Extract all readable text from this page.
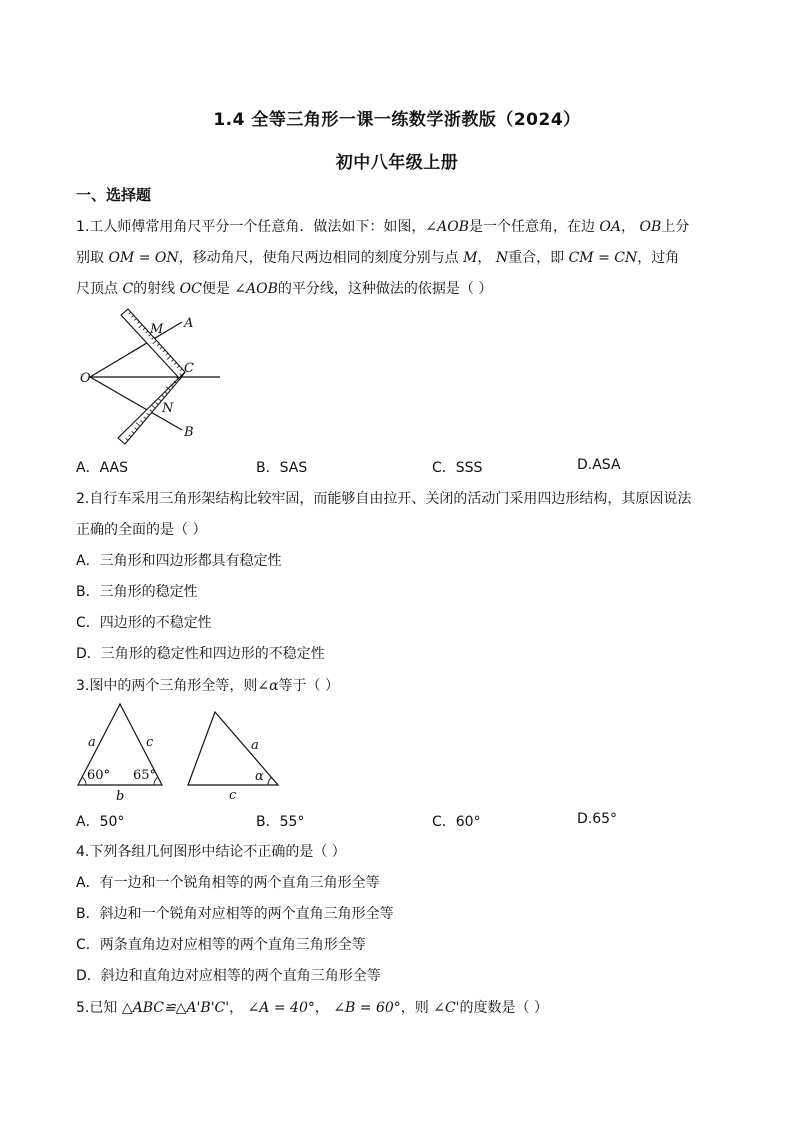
1.4 全等三角形一课一练数学浙教版（2024）
初中八年级上册
一、选择题
1.工人师傅常用角尺平分一个任意角．做法如下：如图，∠AOB是一个任意角，在边 OA， OB上分
别取 OM = ON，移动角尺，使角尺两边相同的刻度分别与点 M， N重合，即 CM = CN，过角
尺顶点 C的射线 OC便是 ∠AOB的平分线，这种做法的依据是（ ）
O
A
B
C
M
N
A．AAS	B．SAS	C．SSS	D.ASA
2.自行车采用三角形架结构比较牢固，而能够自由拉开、关闭的活动门采用四边形结构，其原因说法
正确的全面的是（ ）
A．三角形和四边形都具有稳定性
B．三角形的稳定性
C．四边形的不稳定性
D．三角形的稳定性和四边形的不稳定性
3.图中的两个三角形全等，则∠α等于（ ）
a	c
b
60° 65°
a
α
c
A．50°	B．55°	C．60°	D.65°
4.下列各组几何图形中结论不正确的是（ ）
A．有一边和一个锐角相等的两个直角三角形全等
B．斜边和一个锐角对应相等的两个直角三角形全等
C．两条直角边对应相等的两个直角三角形全等
D．斜边和直角边对应相等的两个直角三角形全等
5.已知 △ABC≌△A'B'C'， ∠A = 40°， ∠B = 60°，则 ∠C'的度数是（ ）
